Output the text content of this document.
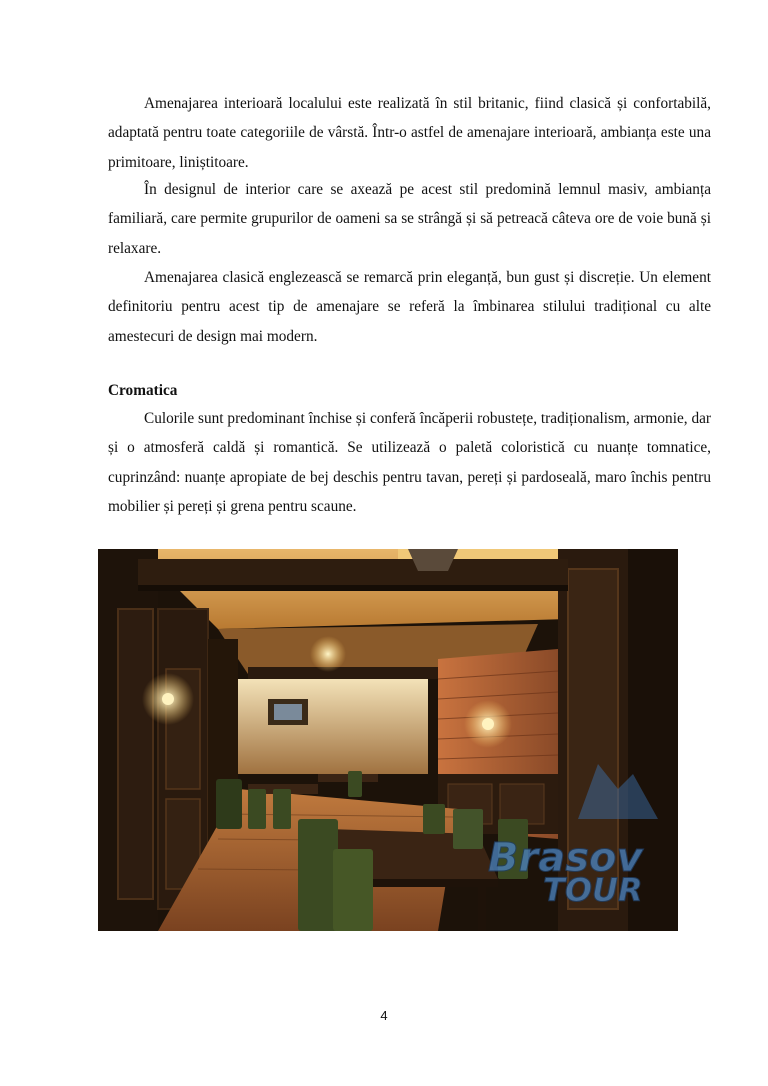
Amenajarea interioară localului este realizată în stil britanic, fiind clasică și confortabilă, adaptată pentru toate categoriile de vârstă. Într-o astfel de amenajare interioară, ambianța este una primitoare, liniștitoare.

În designul de interior care se axează pe acest stil predomină lemnul masiv, ambianța familiară, care permite grupurilor de oameni sa se strângă și să petreacă câteva ore de voie bună și relaxare.

Amenajarea clasică englezească se remarcă prin eleganță, bun gust și discreție. Un element definitoriu pentru acest tip de amenajare se referă la îmbinarea stilului tradițional cu alte amestecuri de design mai modern.

Cromatica

Culorile sunt predominant închise și conferă încăperii robustețe, tradiționalism, armonie, dar și o atmosferă caldă și romantică. Se utilizează o paletă coloristică cu nuanțe tomnatice, cuprinzând: nuanțe apropiate de bej deschis pentru tavan, pereți și pardoseală, maro închis pentru mobilier și pereți și grena pentru scaune.

Brasov
TOUR
4
